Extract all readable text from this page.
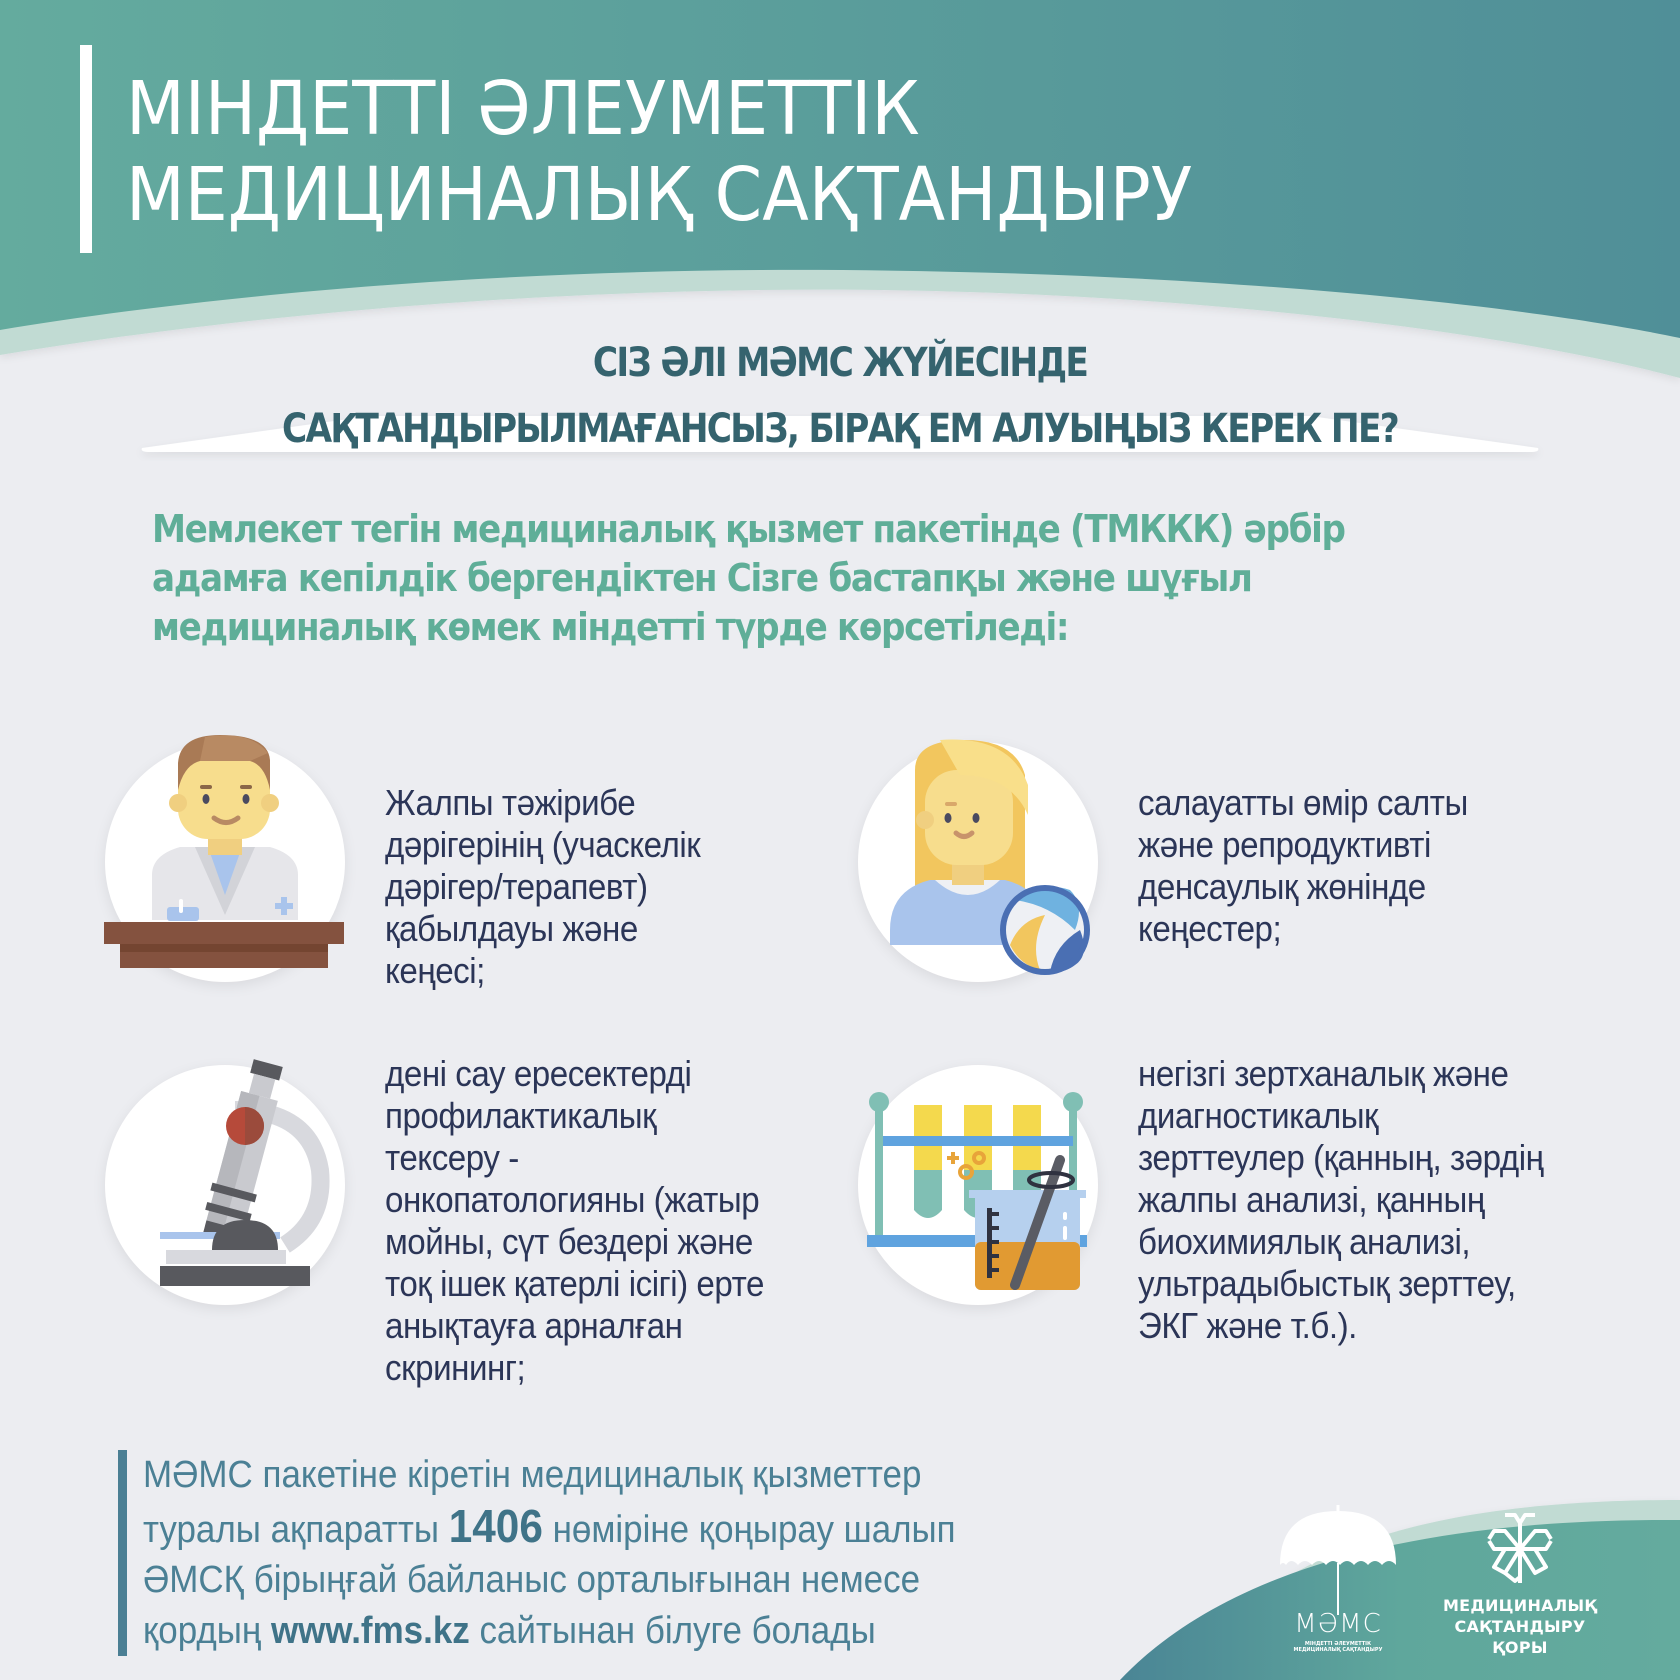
МІНДЕТТІ ӘЛЕУМЕТТІК
МЕДИЦИНАЛЫҚ САҚТАНДЫРУ
СІЗ ӘЛІ МӘМС ЖҮЙЕСІНДЕ
САҚТАНДЫРЫЛМАҒАНСЫЗ, БІРАҚ ЕМ АЛУЫҢЫЗ КЕРЕК ПЕ?

Мемлекет тегін медициналық қызмет пакетінде (ТМККК) әрбір
адамға кепілдік бергендіктен Сізге бастапқы және шұғыл
медициналық көмек міндетті түрде көрсетіледі:

Жалпы тәжірибе
дәрігерінің (учаскелік
дәрігер/терапевт)
қабылдауы және
кеңесі;
салауатты өмір салты
және репродуктивті
денсаулық жөнінде
кеңестер;
дені сау ересектерді
профилактикалық
тексеру -
онкопатологияны (жатыр
мойны, сүт бездері және
тоқ ішек қатерлі ісігі) ерте
анықтауға арналған
скрининг;
негізгі зертханалық және
диагностикалық
зерттеулер (қанның, зәрдің
жалпы анализі, қанның
биохимиялық анализі,
ультрадыбыстық зерттеу,
ЭКГ және т.б.).
МӘМС пакетіне кіретін медициналық қызметтер
туралы ақпаратты 1406 нөміріне қоңырау шалып
ӘМСҚ бірыңғай байланыс орталығынан немесе
қордың www.fms.kz сайтынан білуге болады	МӘМС
МІНДЕТТІ ӘЛЕУМЕТТІК
МЕДИЦИНАЛЫҚ САҚТАНДЫРУ
МЕДИЦИНАЛЫҚ
САҚТАНДЫРУ
ҚОРЫ
